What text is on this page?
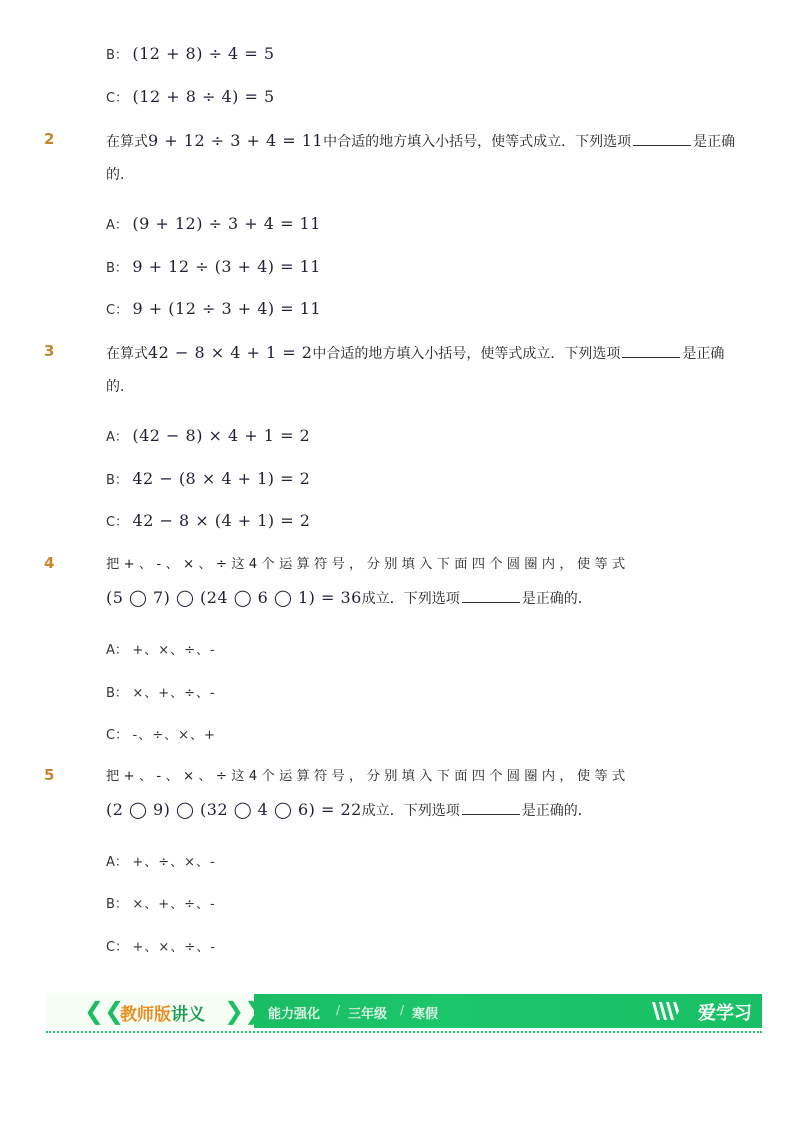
B： (12 + 8) ÷ 4 = 5
C： (12 + 8 ÷ 4) = 5
2	在算式9 + 12 ÷ 3 + 4 = 11中合适的地方填入小括号，使等式成立．下列选项	是正确
的．
A： (9 + 12) ÷ 3 + 4 = 11
B： 9 + 12 ÷ (3 + 4) = 11
C： 9 + (12 ÷ 3 + 4) = 11
3	在算式42 − 8 × 4 + 1 = 2中合适的地方填入小括号，使等式成立．下列选项	是正确
的．
A： (42 − 8) × 4 + 1 = 2
B： 42 − (8 × 4 + 1) = 2
C： 42 − 8 × (4 + 1) = 2
4	把 + 、 - 、 × 、 ÷ 这 4 个 运 算 符 号 ， 分 别 填 入 下 面 四 个 圆 圈 内 ， 使 等 式
(5 ◯ 7) ◯ (24 ◯ 6 ◯ 1) = 36成立．下列选项	是正确的．
A： +、×、÷、-
B： ×、+、÷、-
C： -、÷、×、+
5	把 + 、 - 、 × 、 ÷ 这 4 个 运 算 符 号 ， 分 别 填 入 下 面 四 个 圆 圈 内 ， 使 等 式
(2 ◯ 9) ◯ (32 ◯ 4 ◯ 6) = 22成立．下列选项	是正确的．
A： +、÷、×、-
B： ×、+、÷、-
C： +、×、÷、-
❮❮
教师版讲义 ❯❯ 能力强化 / 三年级 / 寒假	爱学习
